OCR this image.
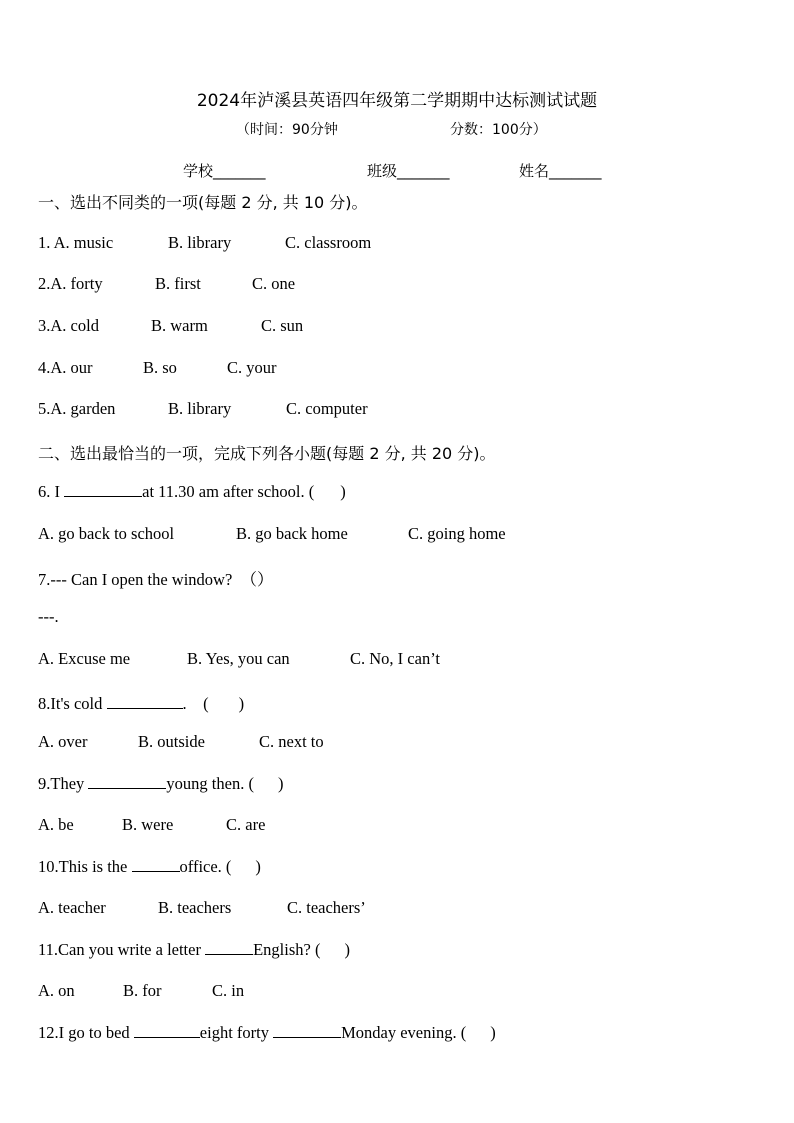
2024年泸溪县英语四年级第二学期期中达标测试试题
（时间：90分钟	分数：100分）
学校_______	班级_______	姓名_______
一、选出不同类的一项(每题 2 分, 共 10 分)。
1. A. music	B. library	C. classroom
2.A. forty	B. first	C. one
3.A. cold	B. warm	C. sun
4.A. our	B. so	C. your
5.A. garden	B. library	C. computer
二、选出最恰当的一项，完成下列各小题(每题 2 分, 共 20 分)。
6. I	at 11.30 am after school. ( )
A. go back to school	B. go back home	C. going home
7.--- Can I open the window?　（）
---.
A. Excuse me	B. Yes, you can	C. No, I can’t
8.It's cold	.　( )
A. over	B. outside	C. next to
9.They	young then. ( )
A. be	B. were	C. are
10.This is the	office. ( )
A. teacher	B. teachers	C. teachers’
11.Can you write a letter	English? ( )
A. on	B. for	C. in
12.I go to bed	eight forty	Monday evening. ( )
